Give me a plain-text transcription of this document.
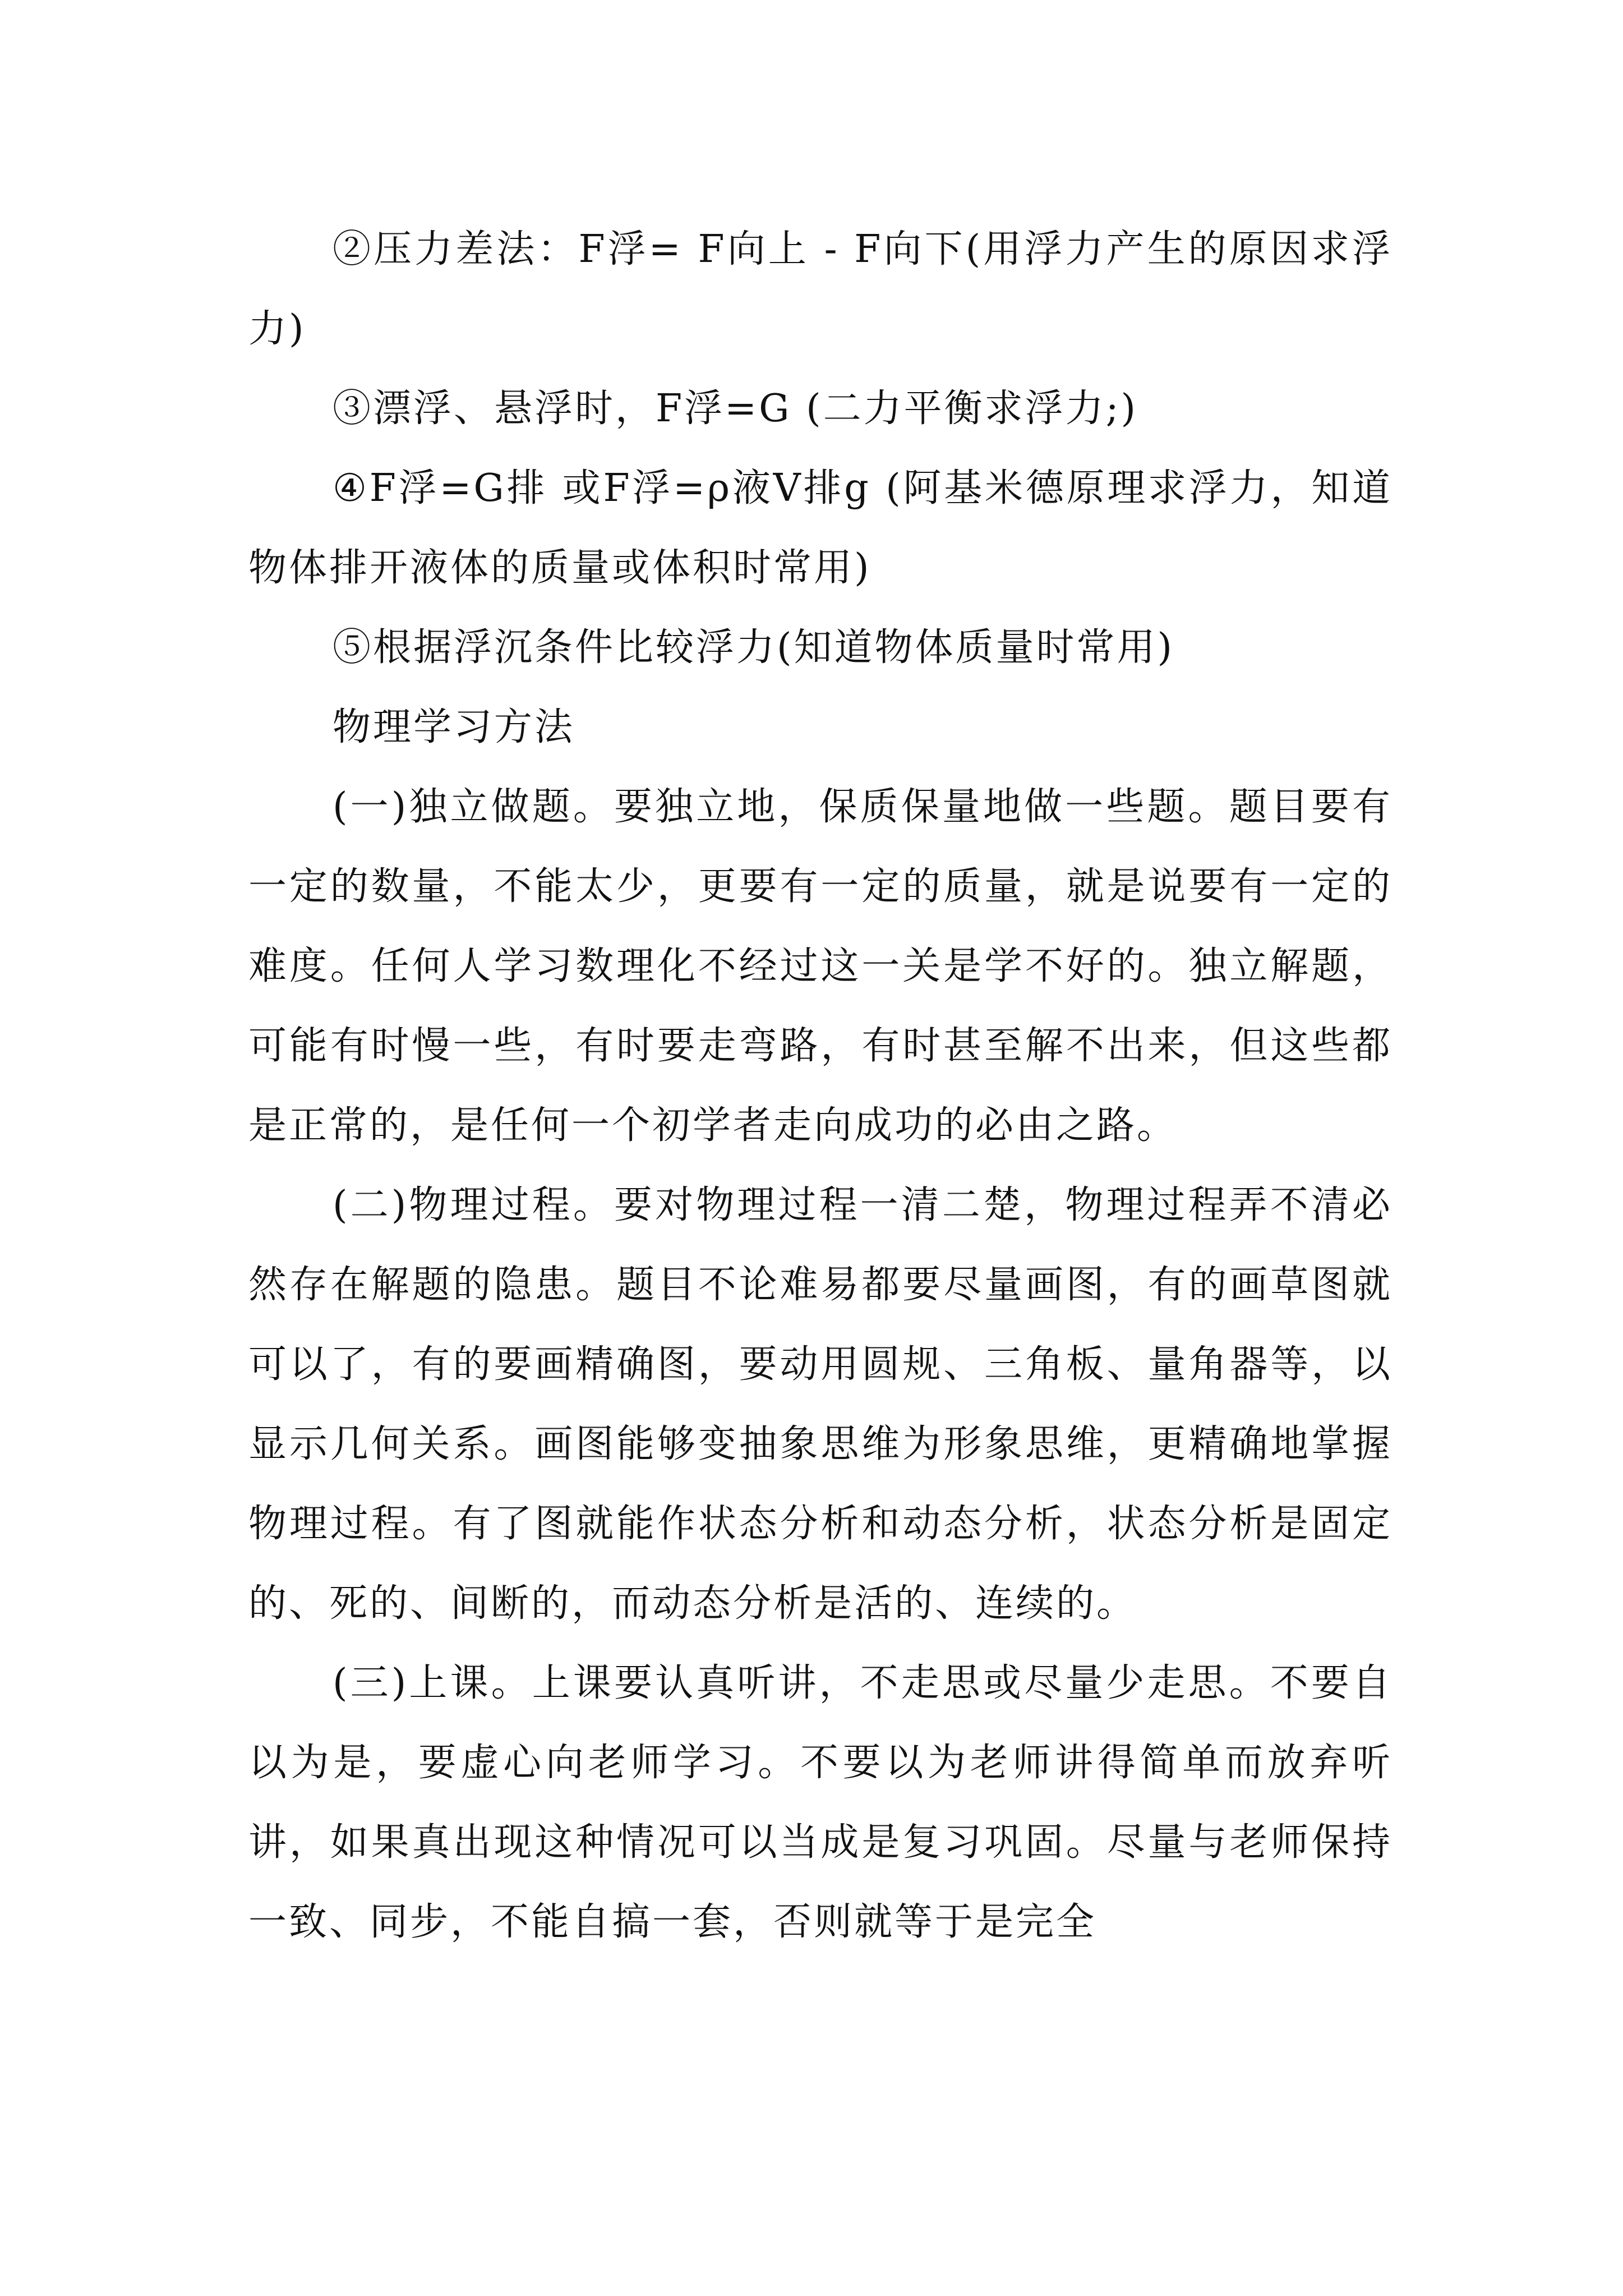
②压力差法：F浮= F向上 - F向下(用浮力产生的原因求浮力)

③漂浮、悬浮时，F浮=G (二力平衡求浮力;)

④F浮=G排 或F浮=ρ液V排g (阿基米德原理求浮力，知道物体排开液体的质量或体积时常用)

⑤根据浮沉条件比较浮力(知道物体质量时常用)

物理学习方法

(一)独立做题。要独立地，保质保量地做一些题。题目要有一定的数量，不能太少，更要有一定的质量，就是说要有一定的难度。任何人学习数理化不经过这一关是学不好的。独立解题，可能有时慢一些，有时要走弯路，有时甚至解不出来，但这些都是正常的，是任何一个初学者走向成功的必由之路。

(二)物理过程。要对物理过程一清二楚，物理过程弄不清必然存在解题的隐患。题目不论难易都要尽量画图，有的画草图就可以了，有的要画精确图，要动用圆规、三角板、量角器等，以显示几何关系。画图能够变抽象思维为形象思维，更精确地掌握物理过程。有了图就能作状态分析和动态分析，状态分析是固定的、死的、间断的，而动态分析是活的、连续的。

(三)上课。上课要认真听讲，不走思或尽量少走思。不要自以为是，要虚心向老师学习。不要以为老师讲得简单而放弃听讲，如果真出现这种情况可以当成是复习巩固。尽量与老师保持一致、同步，不能自搞一套，否则就等于是完全
